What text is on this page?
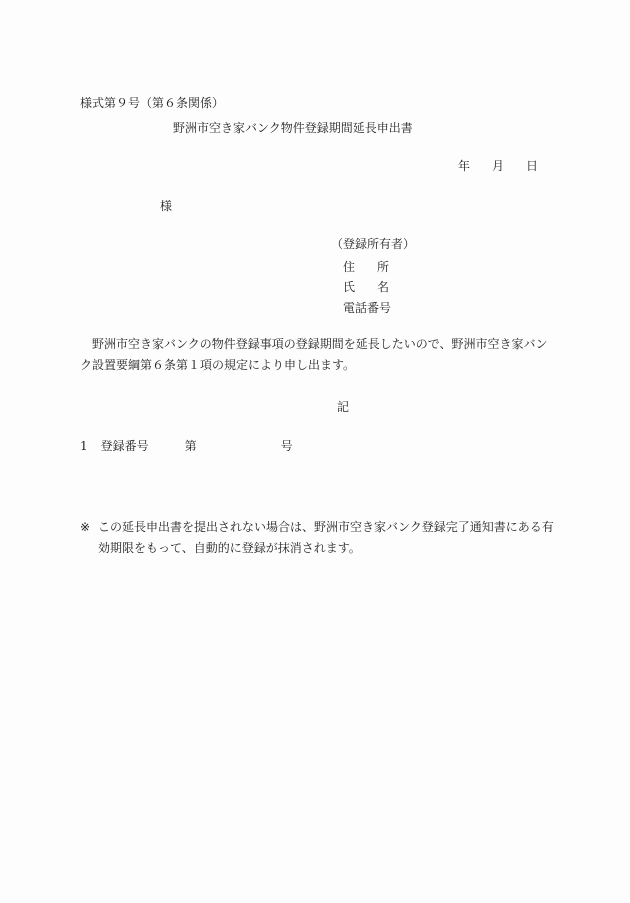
様式第９号（第６条関係）
野洲市空き家バンク物件登録期間延長申出書
年 月 日
様
（登録所有者）
住 所
氏 名
電話番号
野洲市空き家バンクの物件登録事項の登録期間を延長したいので、野洲市空き家バンク設置要綱第６条第１項の規定により申し出ます。
記
1 登録番号	第	号
※ この延長申出書を提出されない場合は、野洲市空き家バンク登録完了通知書にある有効期限をもって、自動的に登録が抹消されます。
